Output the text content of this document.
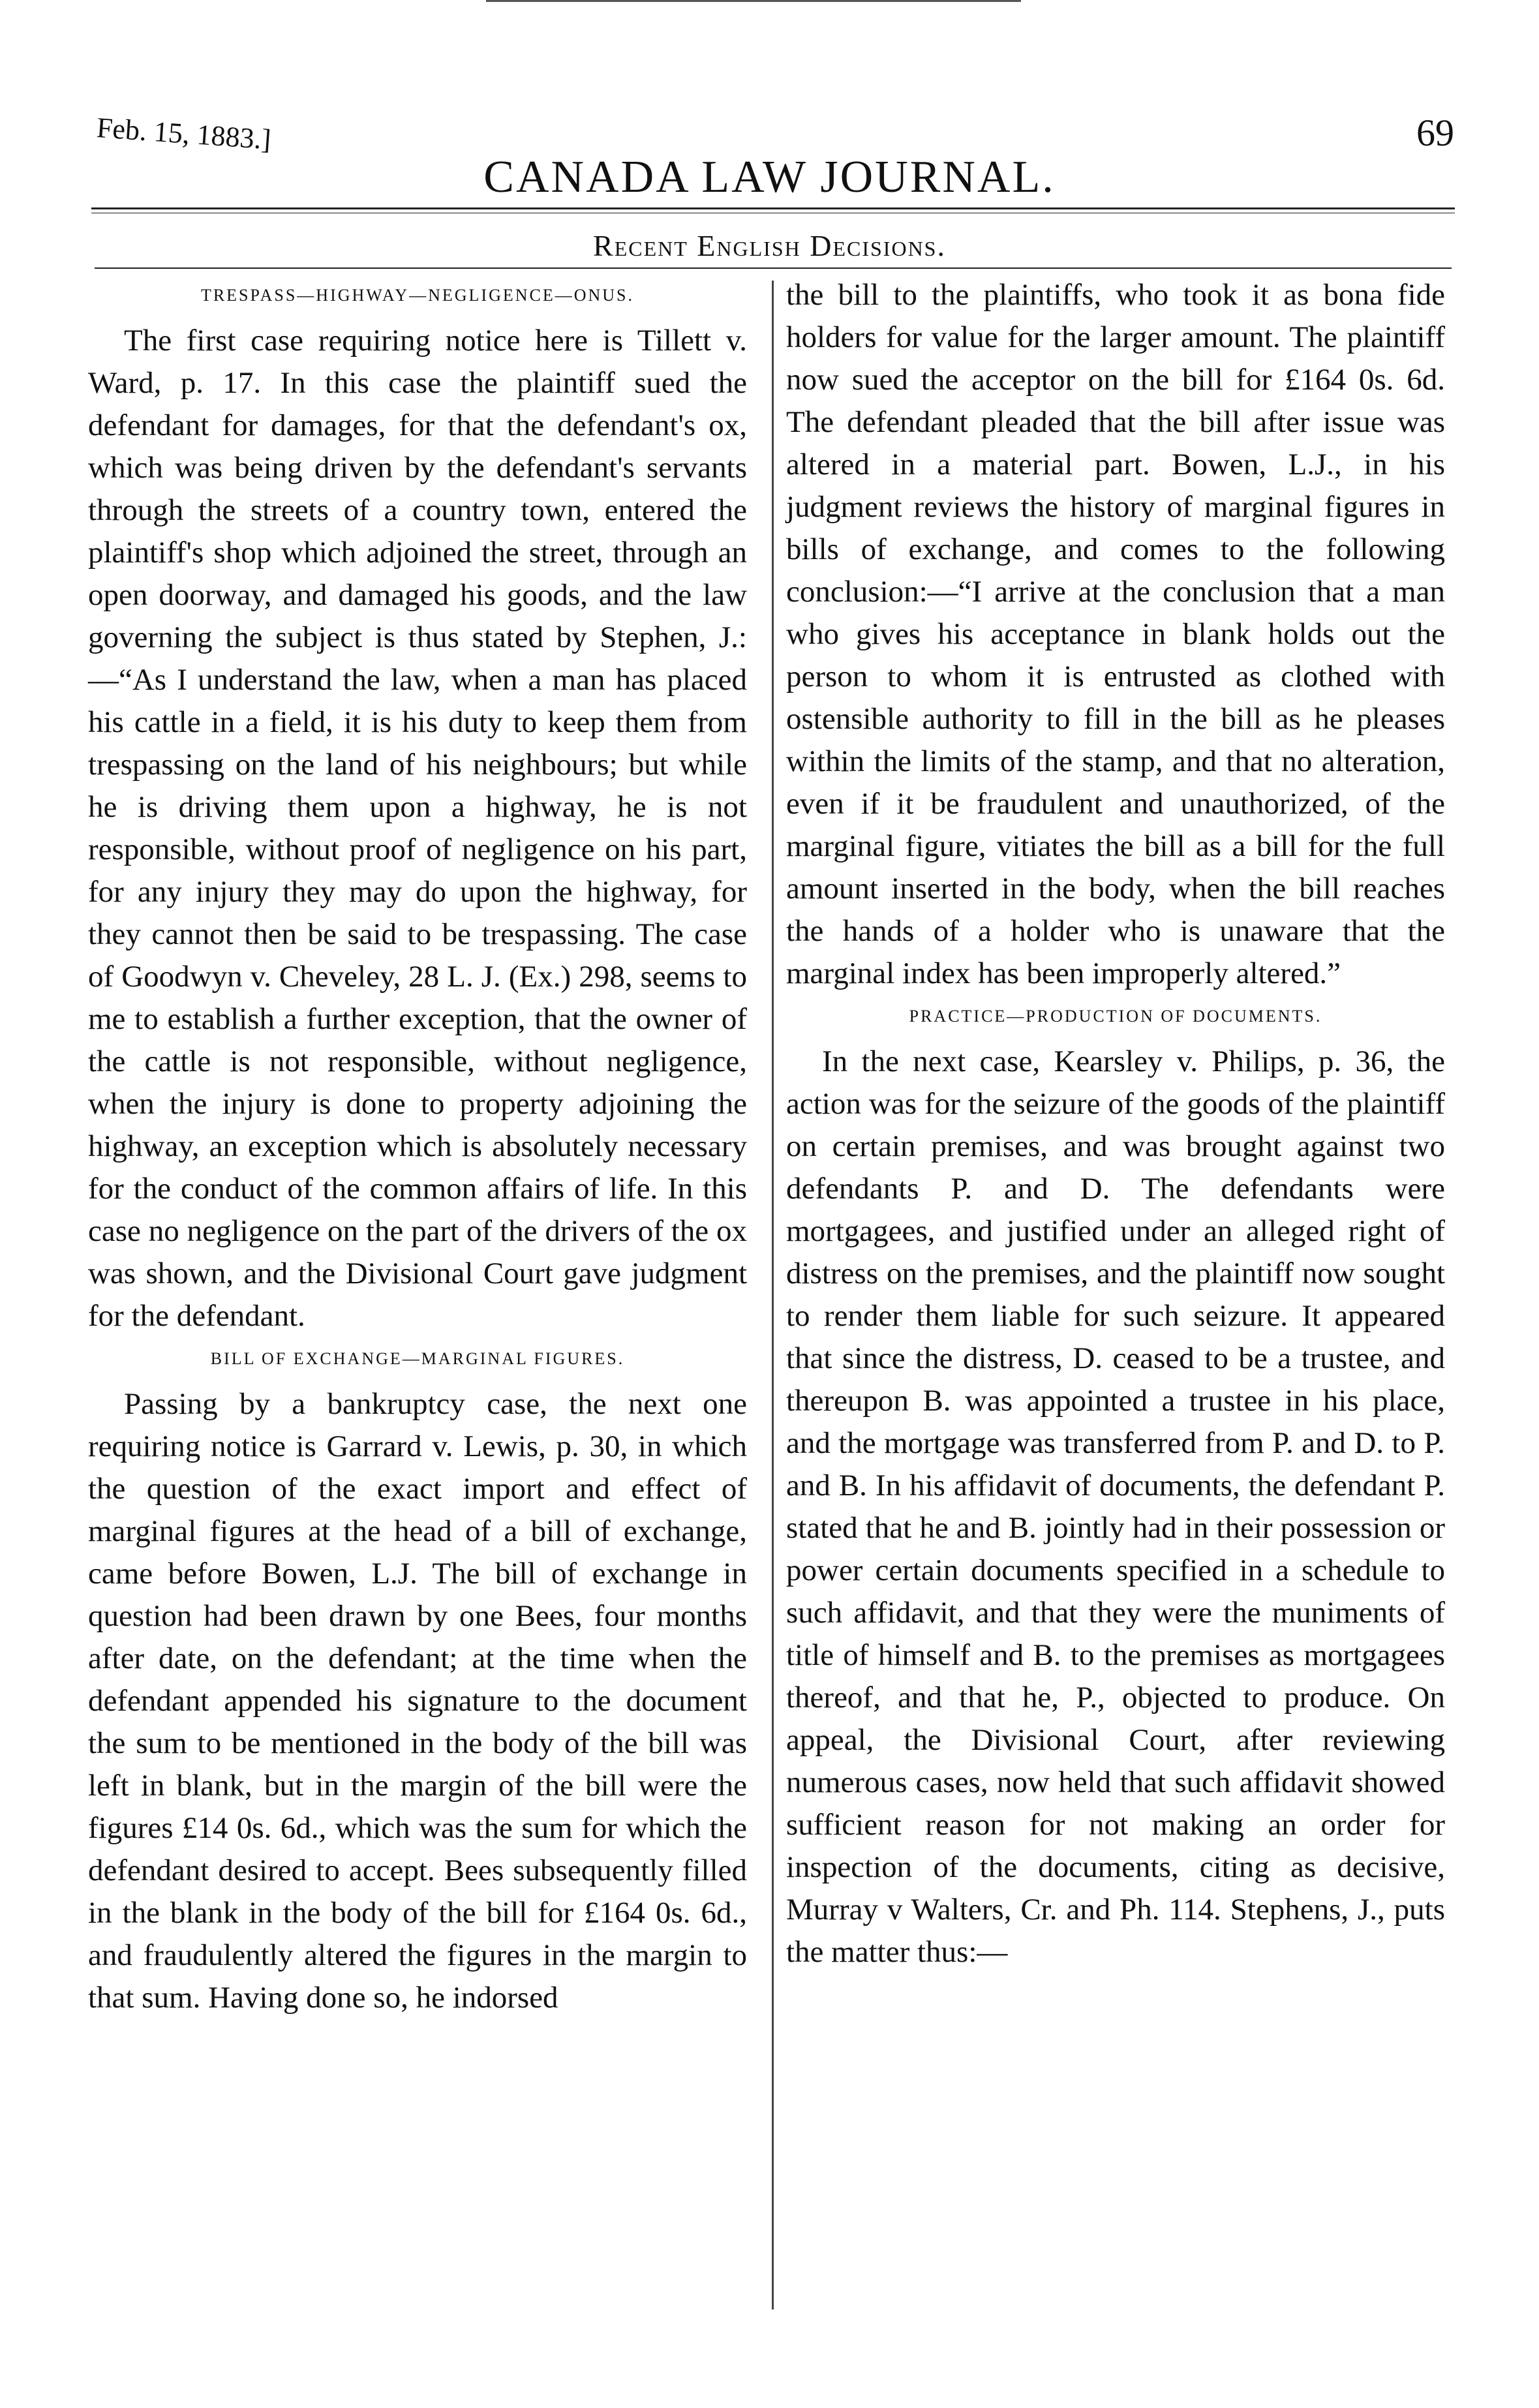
Feb. 15, 1883.]
CANADA LAW JOURNAL.
69
Recent English Decisions.
TRESPASS—HIGHWAY—NEGLIGENCE—ONUS.

The first case requiring notice here is Tillett v. Ward, p. 17. In this case the plaintiff sued the defendant for damages, for that the defendant's ox, which was being driven by the defendant's servants through the streets of a country town, entered the plaintiff's shop which adjoined the street, through an open doorway, and damaged his goods, and the law governing the subject is thus stated by Stephen, J.:—“As I understand the law, when a man has placed his cattle in a field, it is his duty to keep them from trespassing on the land of his neighbours; but while he is driving them upon a highway, he is not responsible, without proof of negligence on his part, for any injury they may do upon the highway, for they cannot then be said to be trespassing. The case of Goodwyn v. Cheveley, 28 L. J. (Ex.) 298, seems to me to establish a further exception, that the owner of the cattle is not responsible, without negligence, when the injury is done to property adjoining the highway, an exception which is absolutely necessary for the conduct of the common affairs of life. In this case no negligence on the part of the drivers of the ox was shown, and the Divisional Court gave judgment for the defendant.

BILL OF EXCHANGE—MARGINAL FIGURES.

Passing by a bankruptcy case, the next one requiring notice is Garrard v. Lewis, p. 30, in which the question of the exact import and effect of marginal figures at the head of a bill of exchange, came before Bowen, L.J. The bill of exchange in question had been drawn by one Bees, four months after date, on the defendant; at the time when the defendant appended his signature to the document the sum to be mentioned in the body of the bill was left in blank, but in the margin of the bill were the figures £14 0s. 6d., which was the sum for which the defendant desired to accept. Bees subsequently filled in the blank in the body of the bill for £164 0s. 6d., and fraudulently altered the figures in the margin to that sum. Having done so, he indorsed

the bill to the plaintiffs, who took it as bona fide holders for value for the larger amount. The plaintiff now sued the acceptor on the bill for £164 0s. 6d. The defendant pleaded that the bill after issue was altered in a material part. Bowen, L.J., in his judgment reviews the history of marginal figures in bills of exchange, and comes to the following conclusion:—“I arrive at the conclusion that a man who gives his acceptance in blank holds out the person to whom it is entrusted as clothed with ostensible authority to fill in the bill as he pleases within the limits of the stamp, and that no alteration, even if it be fraudulent and unauthorized, of the marginal figure, vitiates the bill as a bill for the full amount inserted in the body, when the bill reaches the hands of a holder who is unaware that the marginal index has been improperly altered.”

PRACTICE—PRODUCTION OF DOCUMENTS.

In the next case, Kearsley v. Philips, p. 36, the action was for the seizure of the goods of the plaintiff on certain premises, and was brought against two defendants P. and D. The defendants were mortgagees, and justified under an alleged right of distress on the premises, and the plaintiff now sought to render them liable for such seizure. It appeared that since the distress, D. ceased to be a trustee, and thereupon B. was appointed a trustee in his place, and the mortgage was transferred from P. and D. to P. and B. In his affidavit of documents, the defendant P. stated that he and B. jointly had in their possession or power certain documents specified in a schedule to such affidavit, and that they were the muniments of title of himself and B. to the premises as mortgagees thereof, and that he, P., objected to produce. On appeal, the Divisional Court, after reviewing numerous cases, now held that such affidavit showed sufficient reason for not making an order for inspection of the documents, citing as decisive, Murray v Walters, Cr. and Ph. 114. Stephens, J., puts the matter thus:—
